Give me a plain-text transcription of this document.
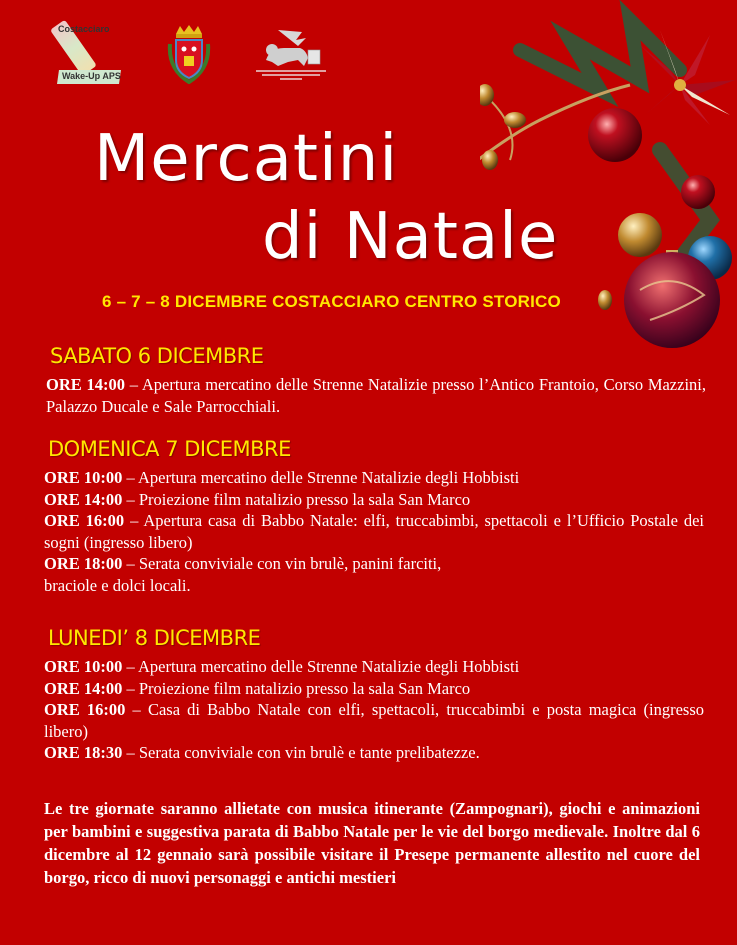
Costacciaro
Wake-Up APS
Mercatini
di Natale
6 – 7 – 8 DICEMBRE COSTACCIARO CENTRO STORICO
SABATO 6 DICEMBRE
ORE 14:00 – Apertura mercatino delle Strenne Natalizie presso l’Antico Frantoio, Corso Mazzini, Palazzo Ducale e Sale Parrocchiali.
DOMENICA 7 DICEMBRE
ORE 10:00 – Apertura mercatino delle Strenne Natalizie degli Hobbisti
ORE 14:00 – Proiezione film natalizio presso la sala San Marco
ORE 16:00 – Apertura casa di Babbo Natale: elfi, truccabimbi, spettacoli e l’Ufficio Postale dei sogni (ingresso libero)
ORE 18:00 – Serata conviviale con vin brulè, panini farciti,
braciole e dolci locali.
LUNEDI’ 8 DICEMBRE
ORE 10:00 – Apertura mercatino delle Strenne Natalizie degli Hobbisti
ORE 14:00 – Proiezione film natalizio presso la sala San Marco
ORE 16:00 – Casa di Babbo Natale con elfi, spettacoli, truccabimbi e posta magica (ingresso libero)
ORE 18:30 – Serata conviviale con vin brulè e tante prelibatezze.
Le tre giornate saranno allietate con musica itinerante (Zampognari), giochi e animazioni per bambini e suggestiva parata di Babbo Natale per le vie del borgo medievale. Inoltre dal 6 dicembre al 12 gennaio sarà possibile visitare il Presepe permanente allestito nel cuore del borgo, ricco di nuovi personaggi e antichi mestieri
